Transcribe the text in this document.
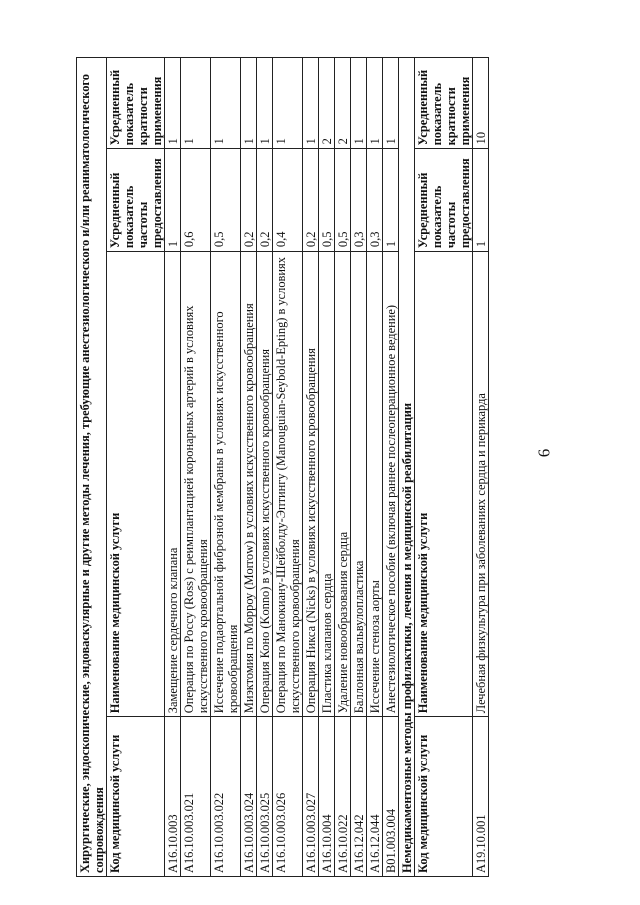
6
Хирургические, эндоскопические, эндоваскулярные и другие методы лечения, требующие анестезиологического и/или реаниматологического сопровождения			
Код медицинской услуги	Наименование медицинской услуги	Усредненный показатель частоты предоставления	Усредненный показатель кратности применения
A16.10.003	Замещение сердечного клапана	1	1
A16.10.003.021	Операция по Россу (Ross) с реимплантацией коронарных артерий в условиях искусственного кровообращения	0,6	1
A16.10.003.022	Иссечение подаортальной фиброзной мембраны в условиях искусственного кровообращения	0,5	1
A16.10.003.024	Миэктомия по Морроу (Morrow) в условиях искусственного кровообращения	0,2	1
A16.10.003.025	Операция Коно (Konno) в условиях искусственного кровообращения	0,2	1
A16.10.003.026	Операция по Манокиану-Шейболду-Эптингу (Manouguian-Seybold-Epting) в условиях искусственного кровообращения	0,4	1
A16.10.003.027	Операция Никса (Nicks) в условиях искусственного кровообращения	0,2	1
A16.10.004	Пластика клапанов сердца	0,5	2
A16.10.022	Удаление новообразования сердца	0,5	2
A16.12.042	Баллонная вальвулопластика	0,3	1
A16.12.044	Иссечение стеноза аорты	0,3	1
B01.003.004	Анестезиологическое пособие (включая раннее послеоперационное ведение)	1	1
Немедикаментозные методы профилактики, лечения и медицинской реабилитации			
Код медицинской услуги	Наименование медицинской услуги	Усредненный показатель частоты предоставления	Усредненный показатель кратности применения
A19.10.001	Лечебная физкультура при заболеваниях сердца и перикарда	1	10
